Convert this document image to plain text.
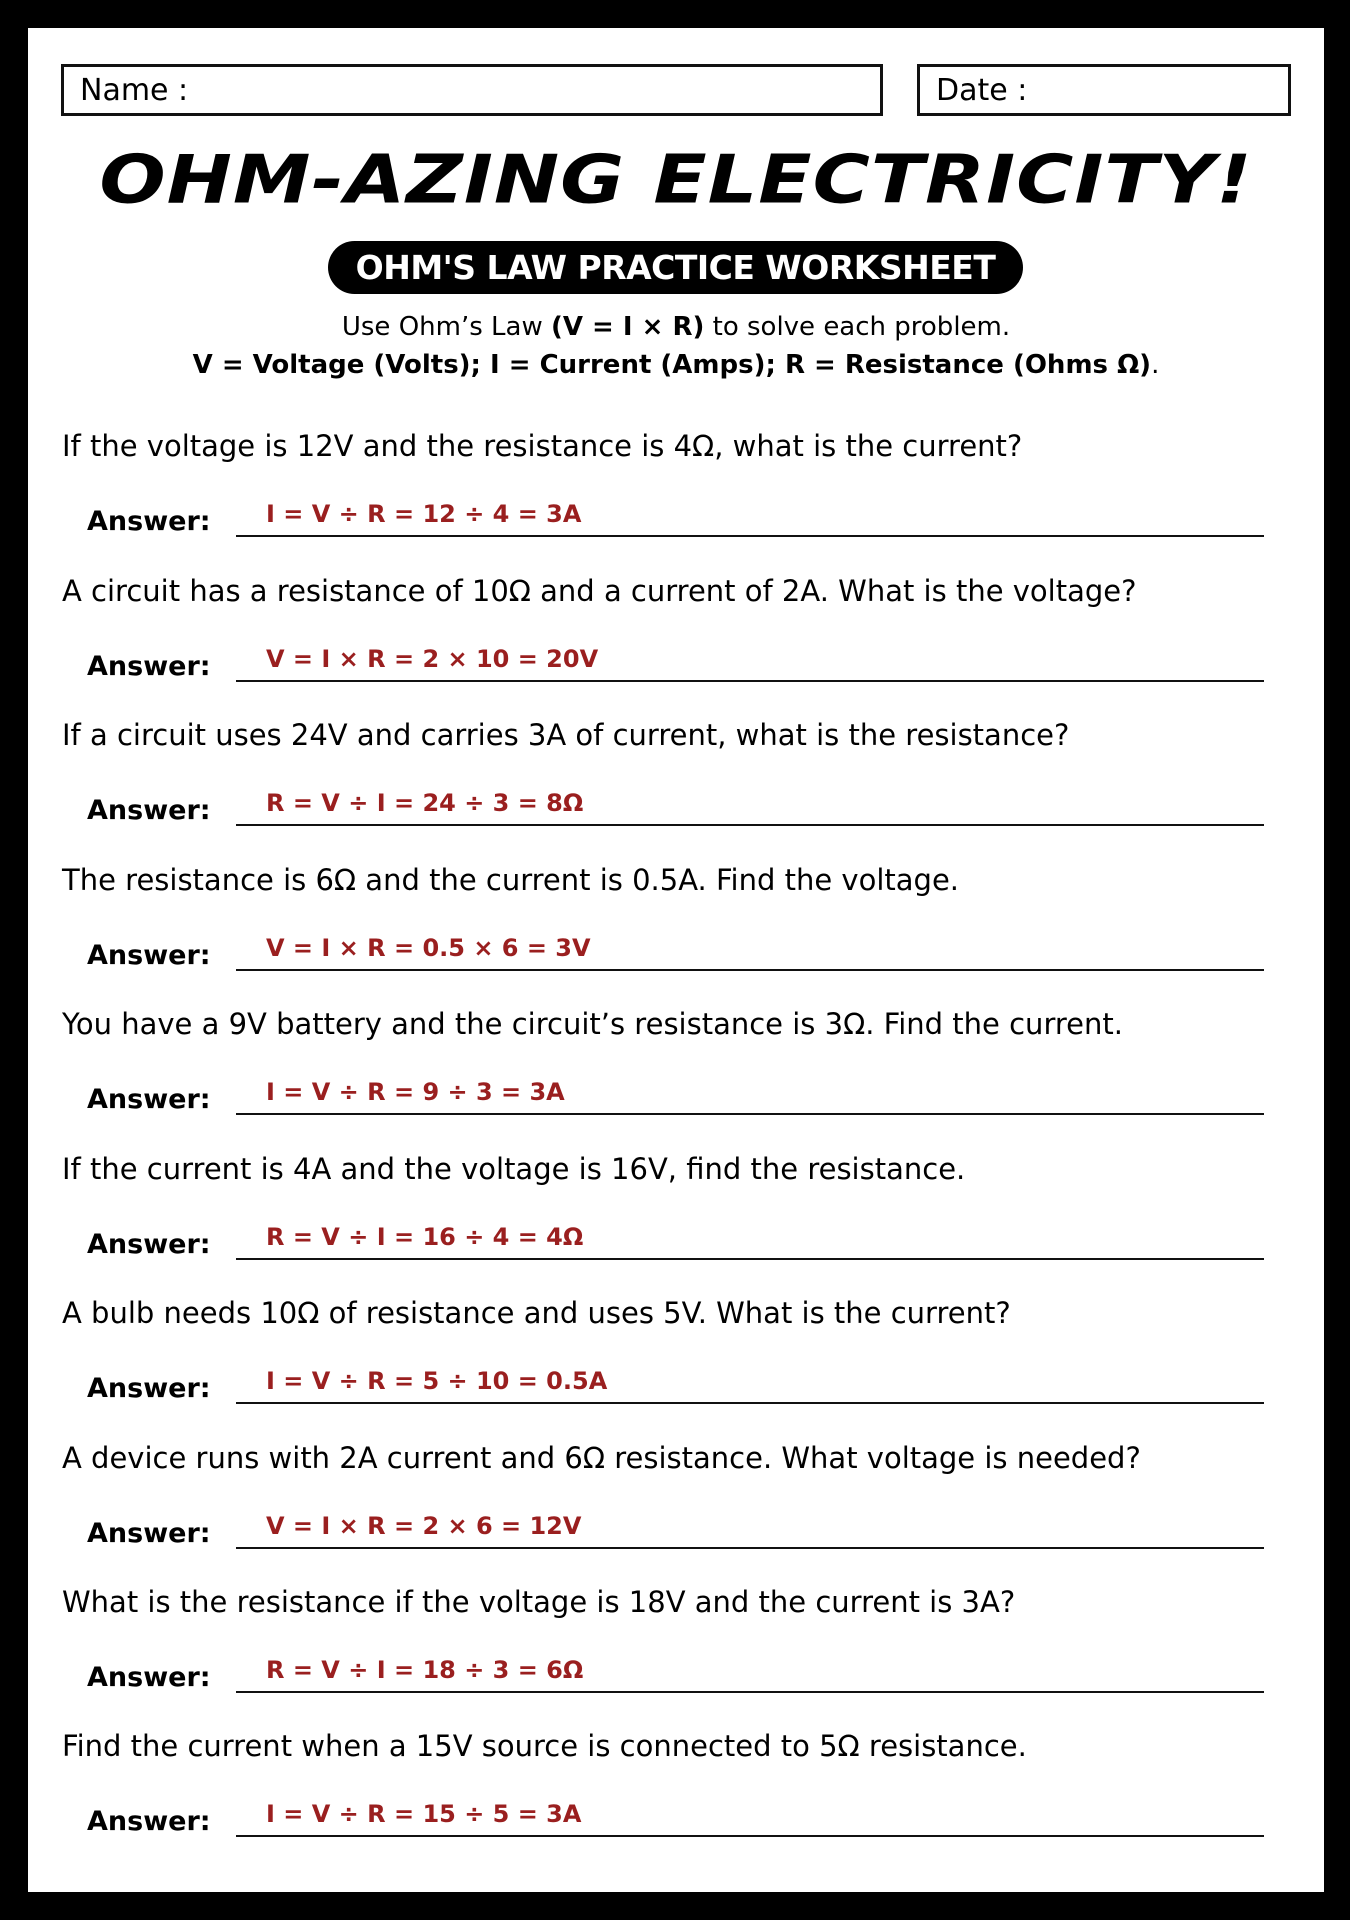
Name :	Date :
OHM-AZING ELECTRICITY!
OHM'S LAW PRACTICE WORKSHEET
Use Ohm’s Law (V = I × R) to solve each problem.
V = Voltage (Volts); I = Current (Amps); R = Resistance (Ohms Ω).
If the voltage is 12V and the resistance is 4Ω, what is the current?
Answer: I = V ÷ R = 12 ÷ 4 = 3A
A circuit has a resistance of 10Ω and a current of 2A. What is the voltage?
Answer: V = I × R = 2 × 10 = 20V
If a circuit uses 24V and carries 3A of current, what is the resistance?
Answer: R = V ÷ I = 24 ÷ 3 = 8Ω
The resistance is 6Ω and the current is 0.5A. Find the voltage.
Answer: V = I × R = 0.5 × 6 = 3V
You have a 9V battery and the circuit’s resistance is 3Ω. Find the current.
Answer: I = V ÷ R = 9 ÷ 3 = 3A
If the current is 4A and the voltage is 16V, find the resistance.
Answer: R = V ÷ I = 16 ÷ 4 = 4Ω
A bulb needs 10Ω of resistance and uses 5V. What is the current?
Answer: I = V ÷ R = 5 ÷ 10 = 0.5A
A device runs with 2A current and 6Ω resistance. What voltage is needed?
Answer: V = I × R = 2 × 6 = 12V
What is the resistance if the voltage is 18V and the current is 3A?
Answer: R = V ÷ I = 18 ÷ 3 = 6Ω
Find the current when a 15V source is connected to 5Ω resistance.
Answer: I = V ÷ R = 15 ÷ 5 = 3A
